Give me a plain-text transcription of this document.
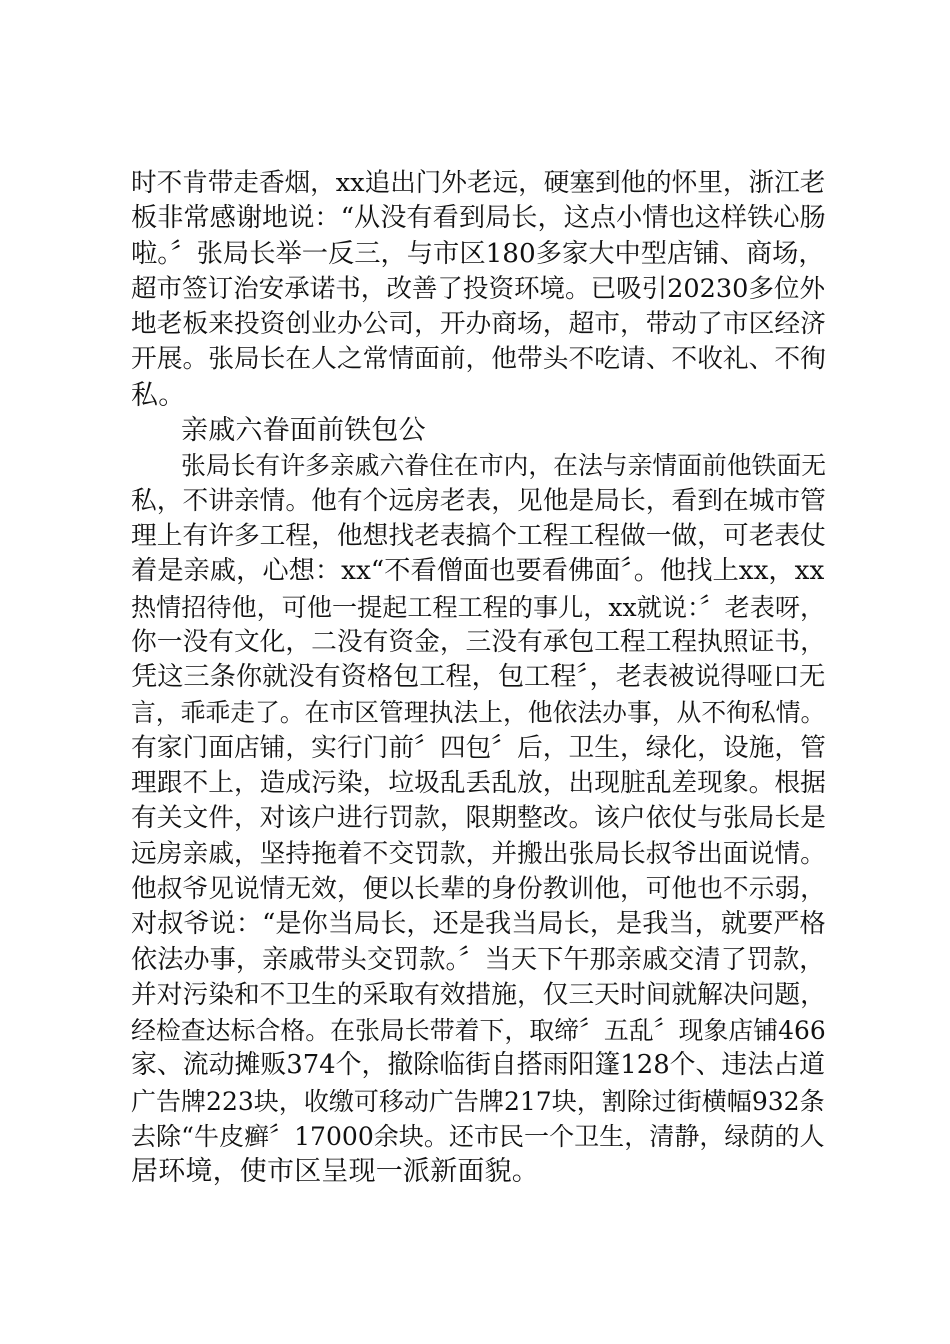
时不肯带走香烟，xx追出门外老远，硬塞到他的怀里，浙江老
板非常感谢地说：“从没有看到局长，这点小情也这样铁心肠
啦。〞张局长举一反三，与市区180多家大中型店铺、商场，
超市签订治安承诺书，改善了投资环境。已吸引20230多位外
地老板来投资创业办公司，开办商场，超市，带动了市区经济
开展。张局长在人之常情面前，他带头不吃请、不收礼、不徇
私。
亲戚六眷面前铁包公
张局长有许多亲戚六眷住在市内，在法与亲情面前他铁面无
私，不讲亲情。他有个远房老表，见他是局长，看到在城市管
理上有许多工程，他想找老表搞个工程工程做一做，可老表仗
着是亲戚，心想：xx“不看僧面也要看佛面〞。他找上xx，xx
热情招待他，可他一提起工程工程的事儿，xx就说：〞老表呀，
你一没有文化，二没有资金，三没有承包工程工程执照证书，
凭这三条你就没有资格包工程，包工程〞，老表被说得哑口无
言，乖乖走了。在市区管理执法上，他依法办事，从不徇私情。
有家门面店铺，实行门前〞四包〞后，卫生，绿化，设施，管
理跟不上，造成污染，垃圾乱丢乱放，出现脏乱差现象。根据
有关文件，对该户进行罚款，限期整改。该户依仗与张局长是
远房亲戚，坚持拖着不交罚款，并搬出张局长叔爷出面说情。
他叔爷见说情无效，便以长辈的身份教训他，可他也不示弱，
对叔爷说：“是你当局长，还是我当局长，是我当，就要严格
依法办事，亲戚带头交罚款。〞当天下午那亲戚交清了罚款，
并对污染和不卫生的采取有效措施，仅三天时间就解决问题，
经检查达标合格。在张局长带着下，取缔〞五乱〞现象店铺466
家、流动摊贩374个，撤除临街自搭雨阳篷128个、违法占道
广告牌223块，收缴可移动广告牌217块，割除过街横幅932条
去除“牛皮癣〞17000余块。还市民一个卫生，清静，绿荫的人
居环境，使市区呈现一派新面貌。
